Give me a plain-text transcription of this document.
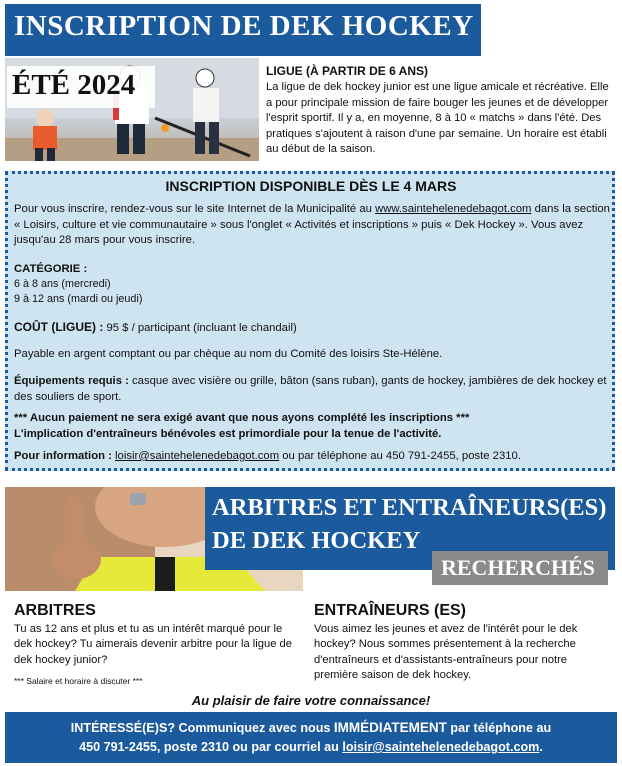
INSCRIPTION DE DEK HOCKEY
ÉTÉ 2024	LIGUE (À PARTIR DE 6 ANS)
La ligue de dek hockey junior est une ligue amicale et récréative. Elle a pour principale mission de faire bouger les jeunes et de développer l'esprit sportif. Il y a, en moyenne, 8 à 10 « matchs » dans l'été. Des pratiques s'ajoutent à raison d'une par semaine. Un horaire est établi au début de la saison.
INSCRIPTION DISPONIBLE DÈS LE 4 MARS
Pour vous inscrire, rendez-vous sur le site Internet de la Municipalité au www.saintehelenedebagot.com dans la section « Loisirs, culture et vie communautaire » sous l'onglet « Activités et inscriptions » puis « Dek Hockey ». Vous avez jusqu'au 28 mars pour vous inscrire.
CATÉGORIE :
6 à 8 ans (mercredi)
9 à 12 ans (mardi ou jeudi)
COÛT (LIGUE) : 95 $ / participant (incluant le chandail)
Payable en argent comptant ou par chèque au nom du Comité des loisirs Ste-Hélène.
Équipements requis : casque avec visière ou grille, bâton (sans ruban), gants de hockey, jambières de dek hockey et des souliers de sport.
*** Aucun paiement ne sera exigé avant que nous ayons complété les inscriptions ***
L'implication d'entraîneurs bénévoles est primordiale pour la tenue de l'activité.
Pour information : loisir@saintehelenedebagot.com ou par téléphone au 450 791-2455, poste 2310.
ARBITRES ET ENTRAÎNEURS(ES)
DE DEK HOCKEY
RECHERCHÉS
ARBITRES
Tu as 12 ans et plus et tu as un intérêt marqué pour le dek hockey? Tu aimerais devenir arbitre pour la ligue de dek hockey junior?
*** Salaire et horaire à discuter ***
ENTRAÎNEURS (ES)
Vous aimez les jeunes et avez de l'intérêt pour le dek hockey? Nous sommes présentement à la recherche d'entraîneurs et d'assistants-entraîneurs pour notre première saison de dek hockey.
Au plaisir de faire votre connaissance!
INTÉRESSÉ(E)S? Communiquez avec nous IMMÉDIATEMENT par téléphone au
450 791-2455, poste 2310 ou par courriel au loisir@saintehelenedebagot.com.
